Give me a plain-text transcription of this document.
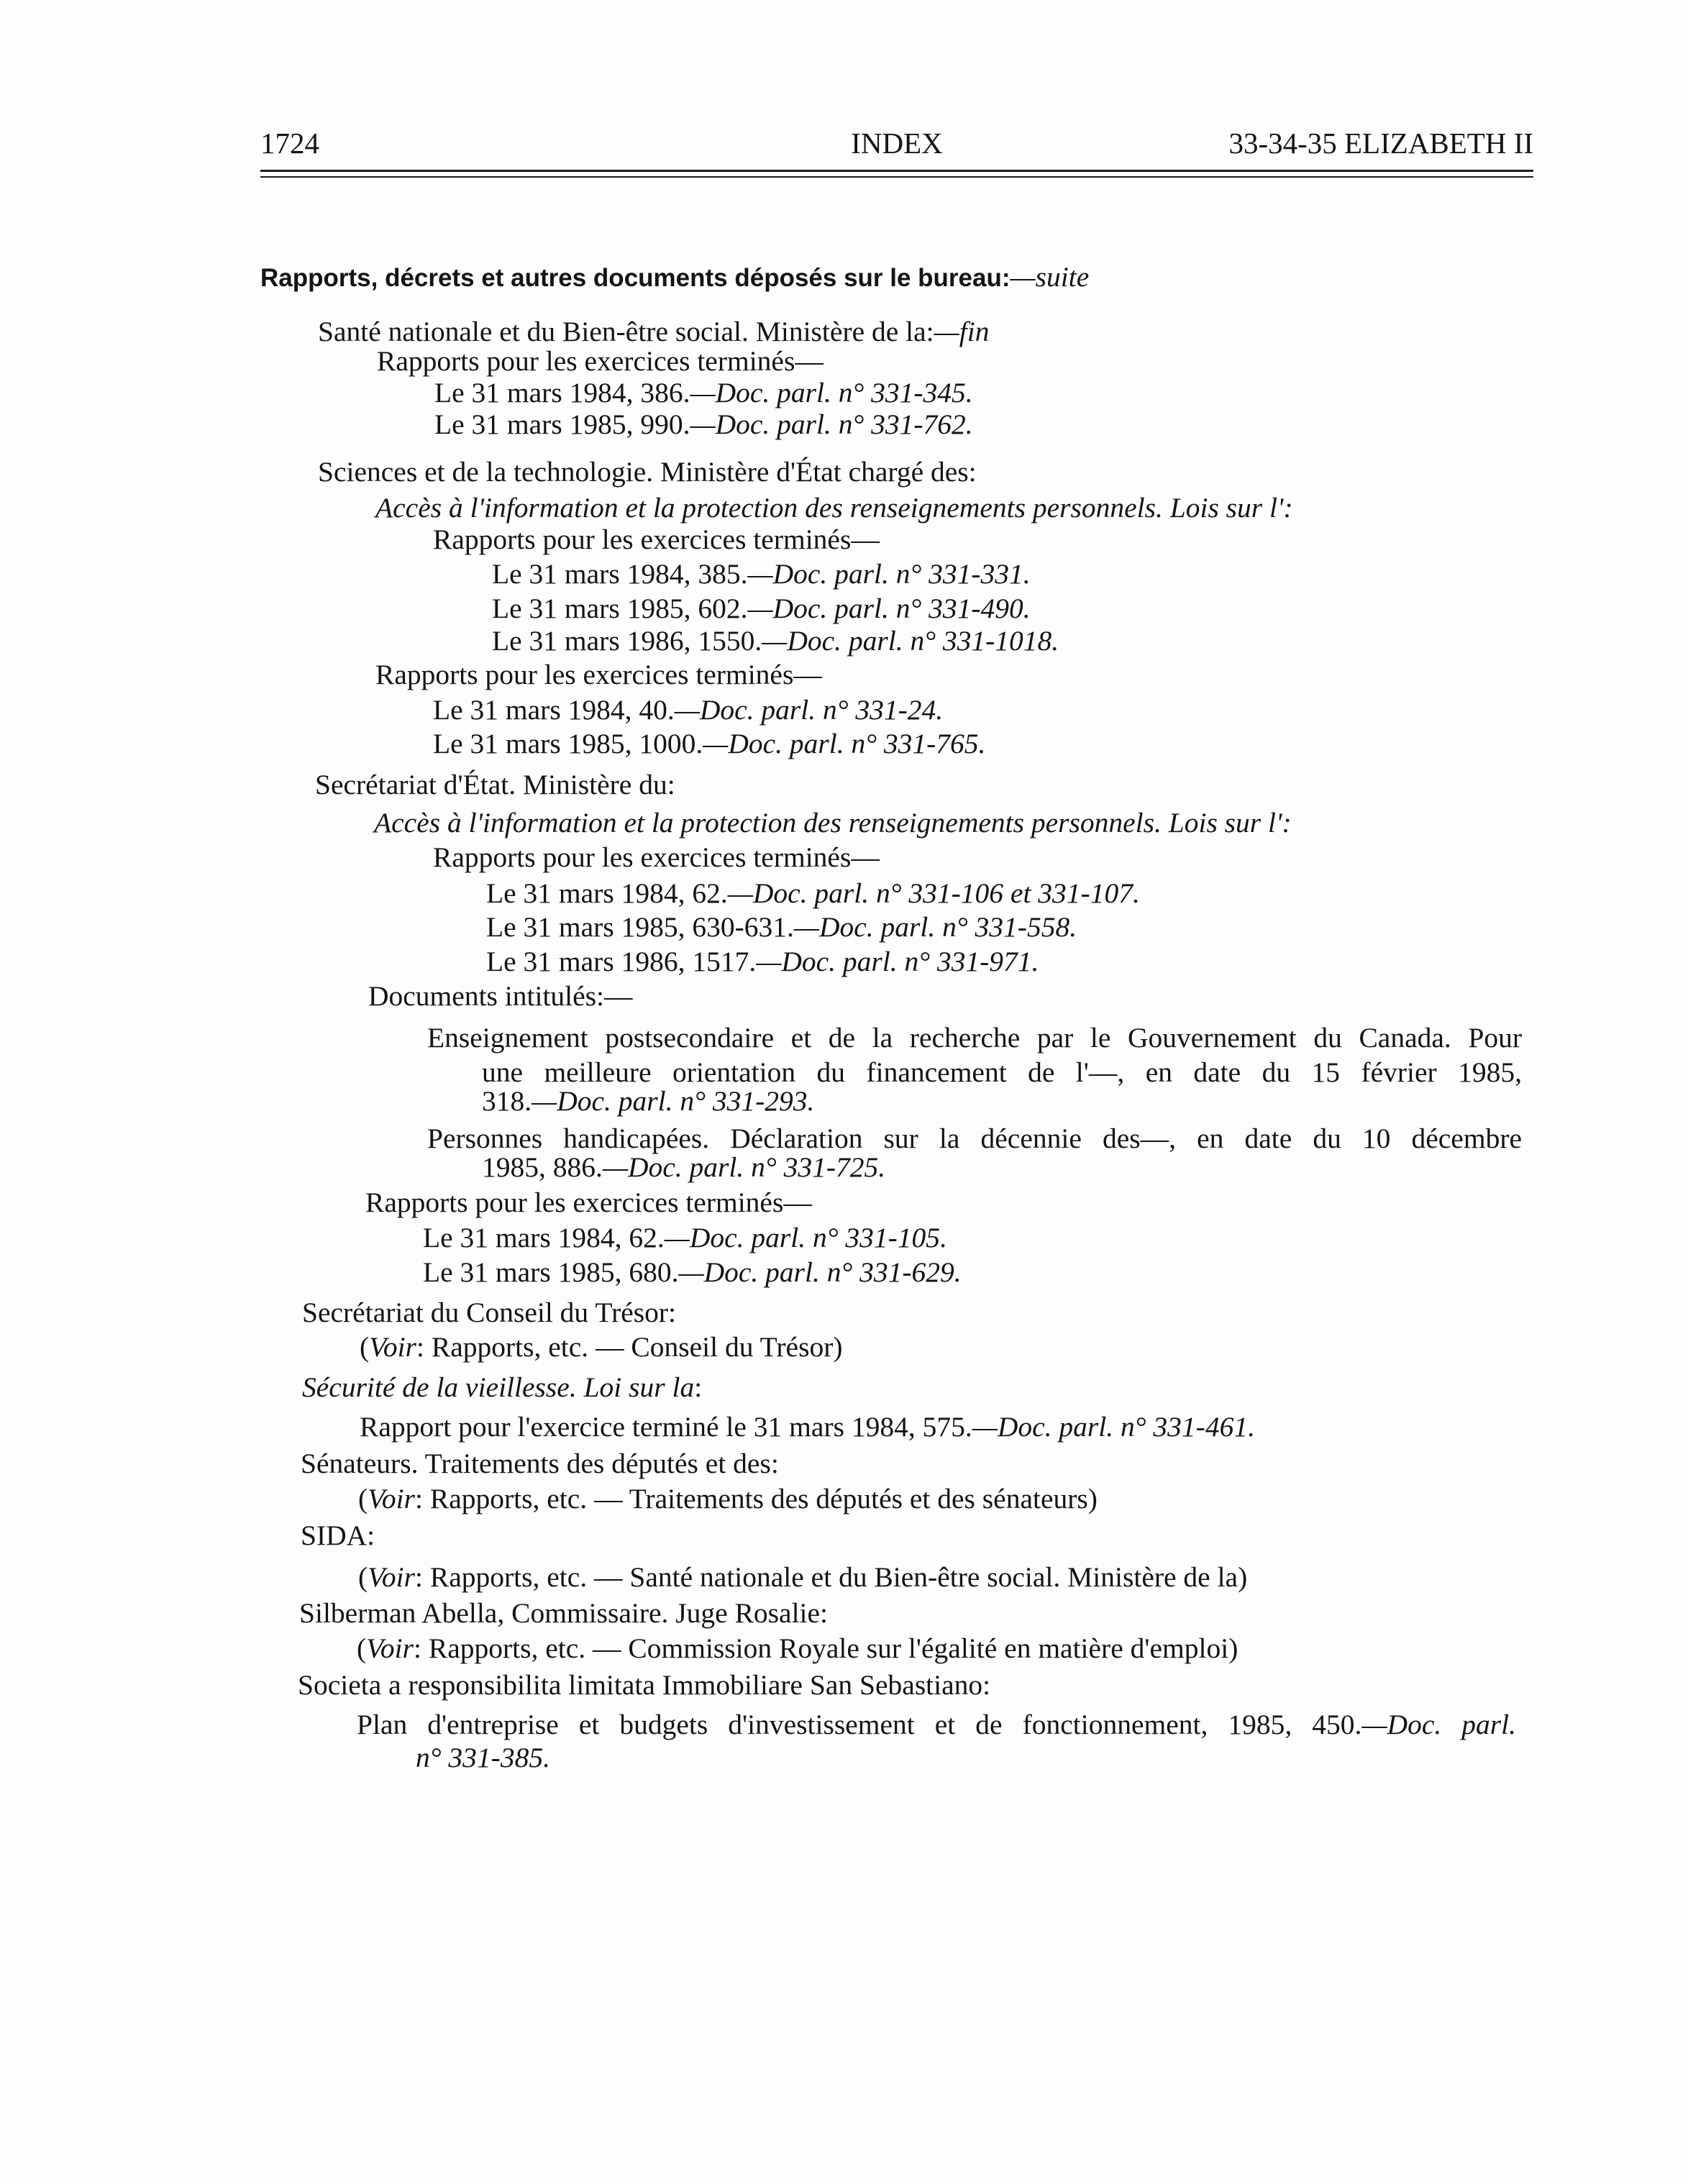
1724	INDEX	33-34-35 ELIZABETH II
Rapports, décrets et autres documents déposés sur le bureau:—suite
Santé nationale et du Bien-être social. Ministère de la:—fin
Rapports pour les exercices terminés—
Le 31 mars 1984, 386.—Doc. parl. n° 331-345.
Le 31 mars 1985, 990.—Doc. parl. n° 331-762.
Sciences et de la technologie. Ministère d'État chargé des:
Accès à l'information et la protection des renseignements personnels. Lois sur l':
Rapports pour les exercices terminés—
Le 31 mars 1984, 385.—Doc. parl. n° 331-331.
Le 31 mars 1985, 602.—Doc. parl. n° 331-490.
Le 31 mars 1986, 1550.—Doc. parl. n° 331-1018.
Rapports pour les exercices terminés—
Le 31 mars 1984, 40.—Doc. parl. n° 331-24.
Le 31 mars 1985, 1000.—Doc. parl. n° 331-765.
Secrétariat d'État. Ministère du:
Accès à l'information et la protection des renseignements personnels. Lois sur l':
Rapports pour les exercices terminés—
Le 31 mars 1984, 62.—Doc. parl. n° 331-106 et 331-107.
Le 31 mars 1985, 630-631.—Doc. parl. n° 331-558.
Le 31 mars 1986, 1517.—Doc. parl. n° 331-971.
Documents intitulés:—
Enseignement postsecondaire et de la recherche par le Gouvernement du Canada. Pour
une meilleure orientation du financement de l'—, en date du 15 février 1985,
318.—Doc. parl. n° 331-293.
Personnes handicapées. Déclaration sur la décennie des—, en date du 10 décembre
1985, 886.—Doc. parl. n° 331-725.
Rapports pour les exercices terminés—
Le 31 mars 1984, 62.—Doc. parl. n° 331-105.
Le 31 mars 1985, 680.—Doc. parl. n° 331-629.
Secrétariat du Conseil du Trésor:
(Voir: Rapports, etc. — Conseil du Trésor)
Sécurité de la vieillesse. Loi sur la:
Rapport pour l'exercice terminé le 31 mars 1984, 575.—Doc. parl. n° 331-461.
Sénateurs. Traitements des députés et des:
(Voir: Rapports, etc. — Traitements des députés et des sénateurs)
SIDA:
(Voir: Rapports, etc. — Santé nationale et du Bien-être social. Ministère de la)
Silberman Abella, Commissaire. Juge Rosalie:
(Voir: Rapports, etc. — Commission Royale sur l'égalité en matière d'emploi)
Societa a responsibilita limitata Immobiliare San Sebastiano:
Plan d'entreprise et budgets d'investissement et de fonctionnement, 1985, 450.—Doc. parl.
n° 331-385.
